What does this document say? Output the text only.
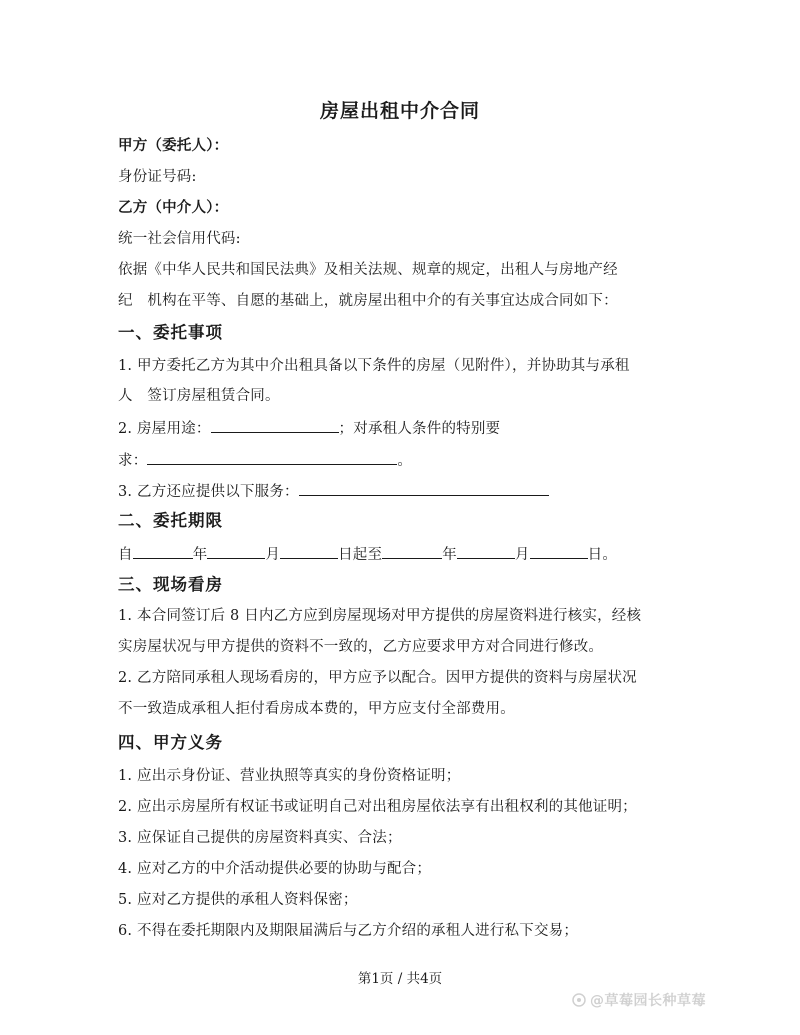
房屋出租中介合同
甲方（委托人）：
身份证号码:
乙方（中介人）：
统一社会信用代码:
依据《中华人民共和国民法典》及相关法规、规章的规定，出租人与房地产经
纪　机构在平等、自愿的基础上，就房屋出租中介的有关事宜达成合同如下：
一、委托事项
1. 甲方委托乙方为其中介出租具备以下条件的房屋（见附件），并协助其与承租
人　签订房屋租赁合同。
2. 房屋用途：	；对承租人条件的特别要
求：	。
3. 乙方还应提供以下服务：
二、委托期限
自	年	月	日起至	年	月	日。
三、现场看房
1. 本合同签订后 8 日内乙方应到房屋现场对甲方提供的房屋资料进行核实，经核
实房屋状况与甲方提供的资料不一致的，乙方应要求甲方对合同进行修改。
2. 乙方陪同承租人现场看房的，甲方应予以配合。因甲方提供的资料与房屋状况
不一致造成承租人拒付看房成本费的，甲方应支付全部费用。
四、甲方义务
1. 应出示身份证、营业执照等真实的身份资格证明；
2. 应出示房屋所有权证书或证明自己对出租房屋依法享有出租权利的其他证明；
3. 应保证自己提供的房屋资料真实、合法；
4. 应对乙方的中介活动提供必要的协助与配合；
5. 应对乙方提供的承租人资料保密；
6. 不得在委托期限内及期限届满后与乙方介绍的承租人进行私下交易；
第1页 / 共4页
@草莓园长种草莓
